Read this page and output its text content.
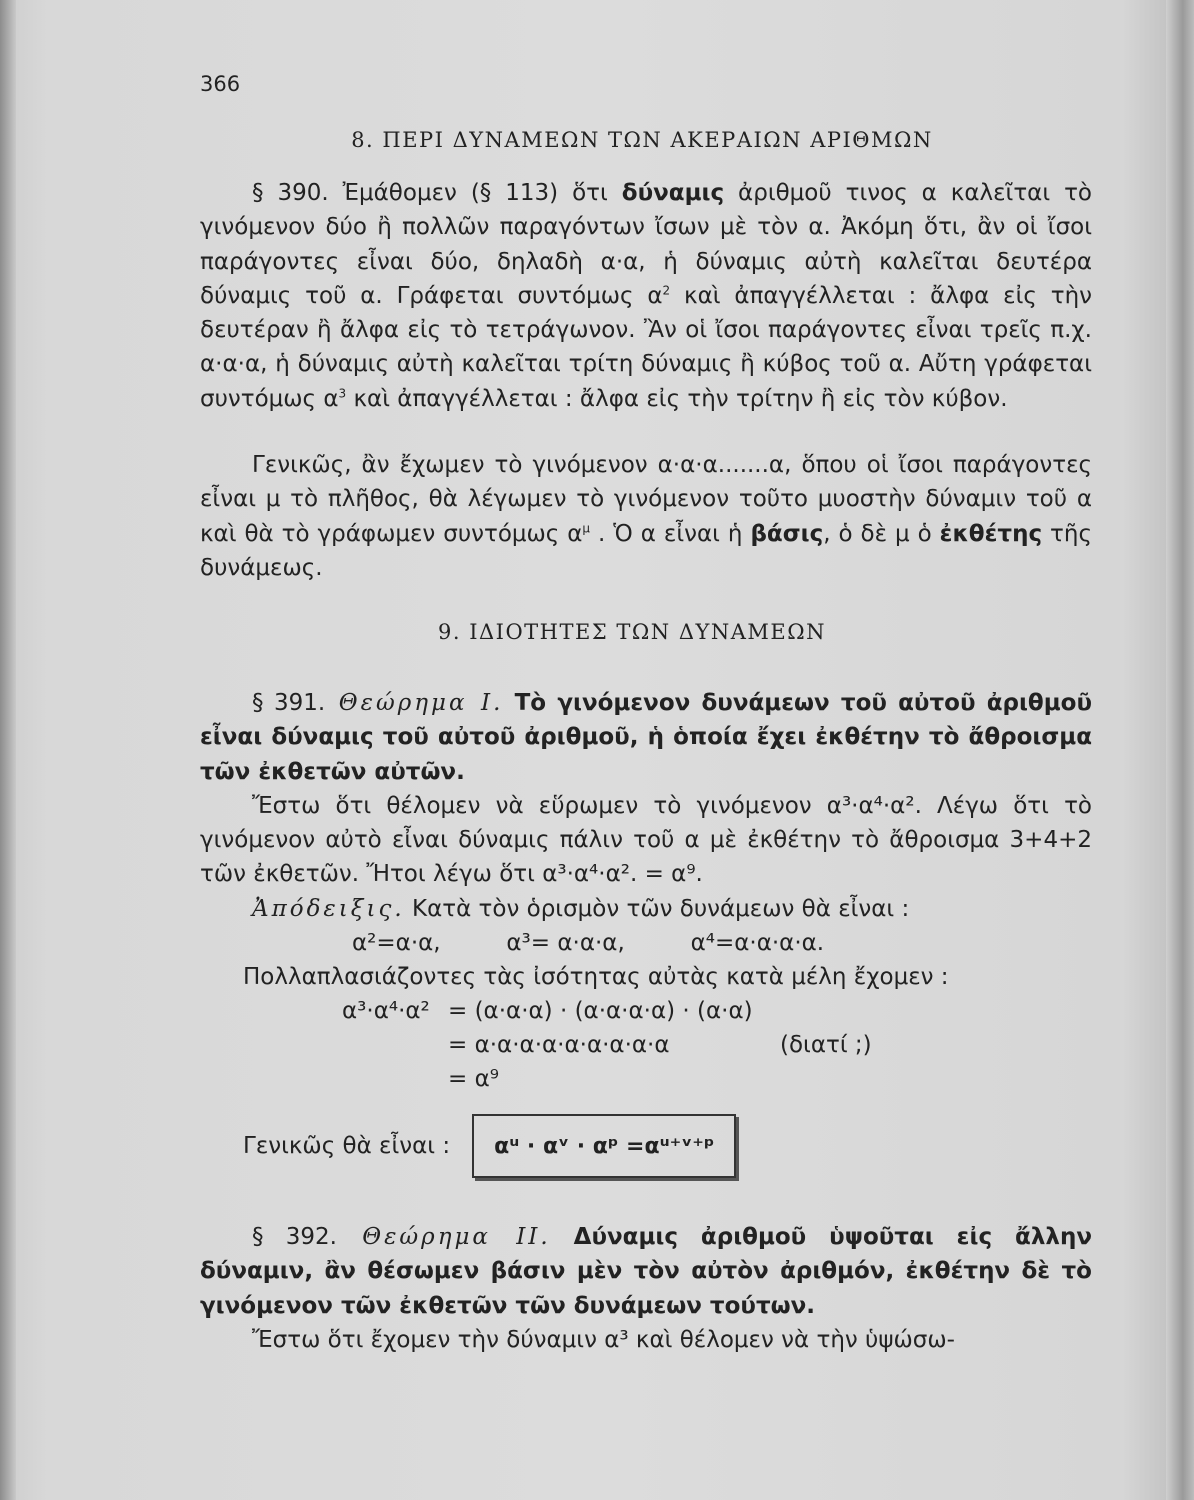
366
8. ΠΕΡΙ ΔΥΝΑΜΕΩΝ ΤΩΝ ΑΚΕΡΑΙΩΝ ΑΡΙΘΜΩΝ

§ 390. Ἐμάθομεν (§ 113) ὅτι δύναμις ἀριθμοῦ τινος α καλεῖται τὸ γινόμενον δύο ἢ πολλῶν παραγόντων ἴσων μὲ τὸν α. Ἀκόμη ὅτι, ἂν οἱ ἴσοι παράγοντες εἶναι δύο, δηλαδὴ α·α, ἡ δύναμις αὐτὴ καλεῖται δευτέρα δύναμις τοῦ α. Γράφεται συντόμως $\alpha^2$ καὶ ἀπαγγέλλεται : ἄλφα εἰς τὴν δευτέραν ἢ ἄλφα εἰς τὸ τετράγωνον. Ἂν οἱ ἴσοι παράγοντες εἶναι τρεῖς π.χ. α·α·α, ἡ δύναμις αὐτὴ καλεῖται τρίτη δύναμις ἢ κύβος τοῦ α. Αὔτη γράφεται συντόμως $\alpha^3$ καὶ ἀπαγγέλλεται : ἄλφα εἰς τὴν τρίτην ἢ εἰς τὸν κύβον.

Γενικῶς, ἂν ἔχωμεν τὸ γινόμενον α·α·α.......α, ὅπου οἱ ἴσοι παράγοντες εἶναι μ τὸ πλῆθος, θὰ λέγωμεν τὸ γινόμενον τοῦτο μυοστὴν δύναμιν τοῦ α καὶ θὰ τὸ γράφωμεν συντόμως $\alpha^\mu$ . Ὁ α εἶναι ἡ βάσις, ὁ δὲ μ ὁ ἐκθέτης τῆς δυνάμεως.

9. ΙΔΙΟΤΗΤΕΣ ΤΩΝ ΔΥΝΑΜΕΩΝ

§ 391. Θεώρημα I. Τὸ γινόμενον δυνάμεων τοῦ αὐτοῦ ἀριθμοῦ εἶναι δύναμις τοῦ αὐτοῦ ἀριθμοῦ, ἡ ὁποία ἔχει ἐκθέτην τὸ ἄθροισμα τῶν ἐκθετῶν αὐτῶν.

Ἔστω ὅτι θέλομεν νὰ εὕρωμεν τὸ γινόμενον α³·α⁴·α². Λέγω ὅτι τὸ γινόμενον αὐτὸ εἶναι δύναμις πάλιν τοῦ α μὲ ἐκθέτην τὸ ἄθροισμα 3+4+2 τῶν ἐκθετῶν. Ἤτοι λέγω ὅτι α³·α⁴·α². = α⁹.

Ἀπόδειξις. Κατὰ τὸν ὁρισμὸν τῶν δυνάμεων θὰ εἶναι :

α²=α·α,         α³= α·α·α,         α⁴=α·α·α·α.
Πολλαπλασιάζοντες τὰς ἰσότητας αὐτὰς κατὰ μέλη ἔχομεν :
α³·α⁴·α² = (α·α·α) · (α·α·α·α) · (α·α)
= α·α·α·α·α·α·α·α·α	(διατί ;)
= α⁹
Γενικῶς θὰ εἶναι :	αᵘ · αᵛ · αᵖ =αᵘ⁺ᵛ⁺ᵖ

§ 392. Θεώρημα II. Δύναμις ἀριθμοῦ ὑψοῦται εἰς ἄλλην δύναμιν, ἂν θέσωμεν βάσιν μὲν τὸν αὐτὸν ἀριθμόν, ἐκθέτην δὲ τὸ γινόμενον τῶν ἐκθετῶν τῶν δυνάμεων τούτων.

Ἔστω ὅτι ἔχομεν τὴν δύναμιν α³ καὶ θέλομεν νὰ τὴν ὑψώσω-
